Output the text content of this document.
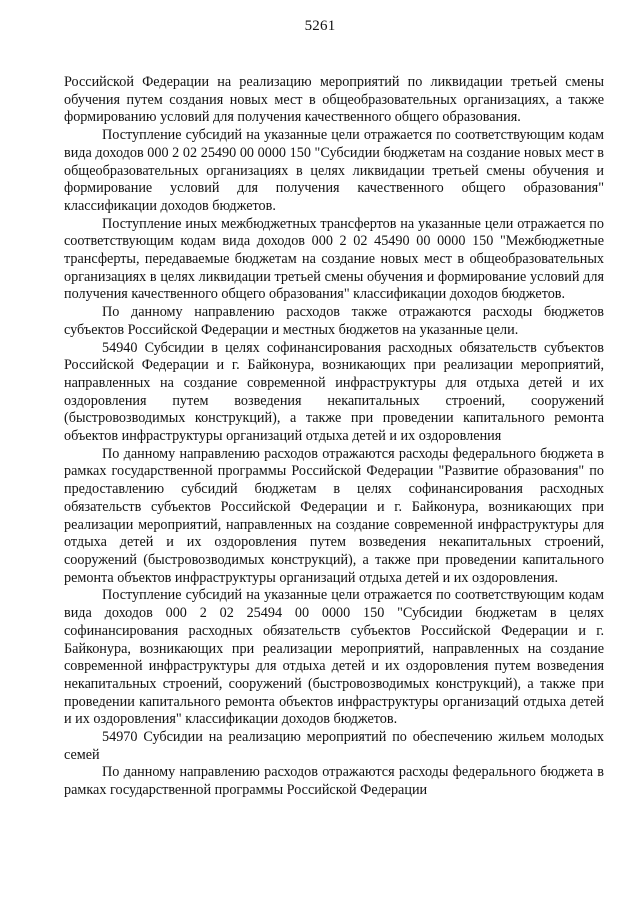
5261

Российской Федерации на реализацию мероприятий по ликвидации третьей смены обучения путем создания новых мест в общеобразовательных организациях, а также формированию условий для получения качественного общего образования.

Поступление субсидий на указанные цели отражается по соответствующим кодам вида доходов 000 2 02 25490 00 0000 150 "Субсидии бюджетам на создание новых мест в общеобразовательных организациях в целях ликвидации третьей смены обучения и формирование условий для получения качественного общего образования" классификации доходов бюджетов.

Поступление иных межбюджетных трансфертов на указанные цели отражается по соответствующим кодам вида доходов 000 2 02 45490 00 0000 150 "Межбюджетные трансферты, передаваемые бюджетам на создание новых мест в общеобразовательных организациях в целях ликвидации третьей смены обучения и формирование условий для получения качественного общего образования" классификации доходов бюджетов.

По данному направлению расходов также отражаются расходы бюджетов субъектов Российской Федерации и местных бюджетов на указанные цели.

54940 Субсидии в целях софинансирования расходных обязательств субъектов Российской Федерации и г. Байконура, возникающих при реализации мероприятий, направленных на создание современной инфраструктуры для отдыха детей и их оздоровления путем возведения некапитальных строений, сооружений (быстровозводимых конструкций), а также при проведении капитального ремонта объектов инфраструктуры организаций отдыха детей и их оздоровления

По данному направлению расходов отражаются расходы федерального бюджета в рамках государственной программы Российской Федерации "Развитие образования" по предоставлению субсидий бюджетам в целях софинансирования расходных обязательств субъектов Российской Федерации и г. Байконура, возникающих при реализации мероприятий, направленных на создание современной инфраструктуры для отдыха детей и их оздоровления путем возведения некапитальных строений, сооружений (быстровозводимых конструкций), а также при проведении капитального ремонта объектов инфраструктуры организаций отдыха детей и их оздоровления.

Поступление субсидий на указанные цели отражается по соответствующим кодам вида доходов 000 2 02 25494 00 0000 150 "Субсидии бюджетам в целях софинансирования расходных обязательств субъектов Российской Федерации и г. Байконура, возникающих при реализации мероприятий, направленных на создание современной инфраструктуры для отдыха детей и их оздоровления путем возведения некапитальных строений, сооружений (быстровозводимых конструкций), а также при проведении капитального ремонта объектов инфраструктуры организаций отдыха детей и их оздоровления" классификации доходов бюджетов.

54970 Субсидии на реализацию мероприятий по обеспечению жильем молодых семей

По данному направлению расходов отражаются расходы федерального бюджета в рамках государственной программы Российской Федерации
